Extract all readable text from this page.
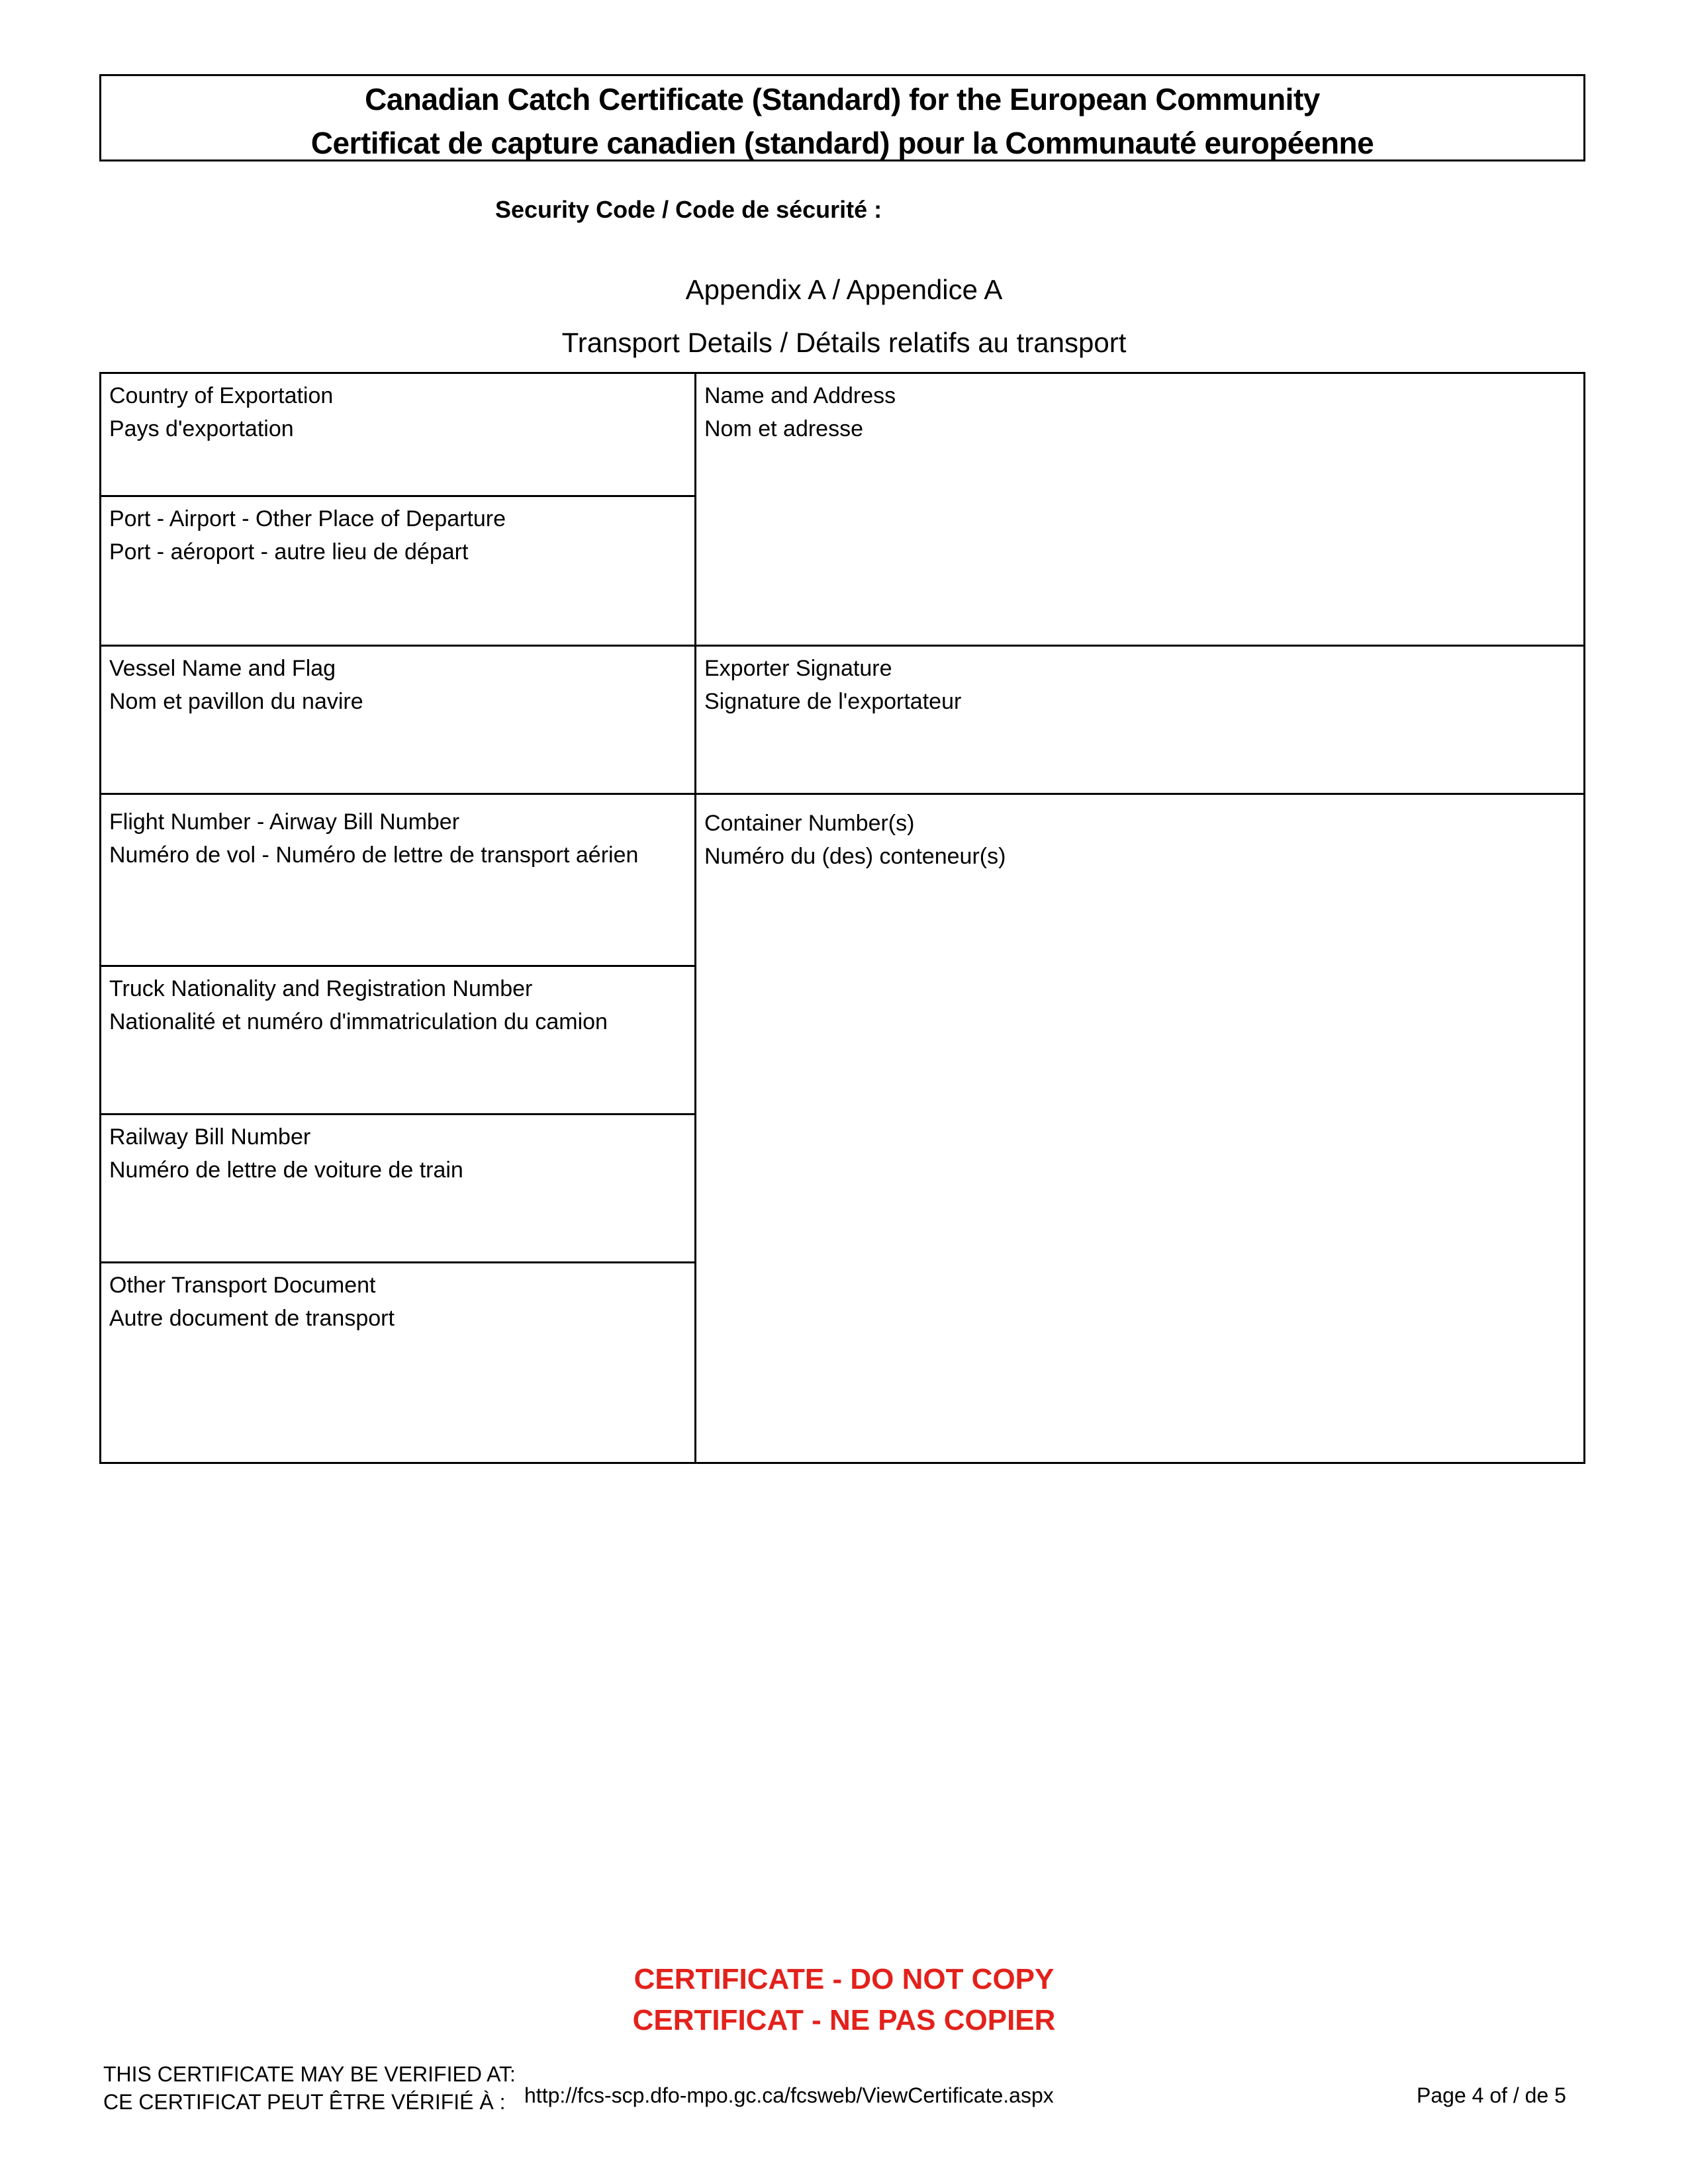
Canadian Catch Certificate (Standard) for the European Community
Certificat de capture canadien (standard) pour la Communauté européenne
Security Code / Code de sécurité :
Appendix A / Appendice A
Transport Details / Détails relatifs au transport
Country of Exportation
Pays d'exportation
Port - Airport - Other Place of Departure
Port - aéroport - autre lieu de départ
Vessel Name and Flag
Nom et pavillon du navire
Flight Number - Airway Bill Number
Numéro de vol - Numéro de lettre de transport aérien
Truck Nationality and Registration Number
Nationalité et numéro d'immatriculation du camion
Railway Bill Number
Numéro de lettre de voiture de train
Other Transport Document
Autre document de transport
Name and Address
Nom et adresse
Exporter Signature
Signature de l'exportateur
Container Number(s)
Numéro du (des) conteneur(s)
CERTIFICATE - DO NOT COPY
CERTIFICAT - NE PAS COPIER
THIS CERTIFICATE MAY BE VERIFIED AT:
CE CERTIFICAT PEUT ÊTRE VÉRIFIÉ À : http://fcs-scp.dfo-mpo.gc.ca/fcsweb/ViewCertificate.aspx	Page 4 of / de 5
